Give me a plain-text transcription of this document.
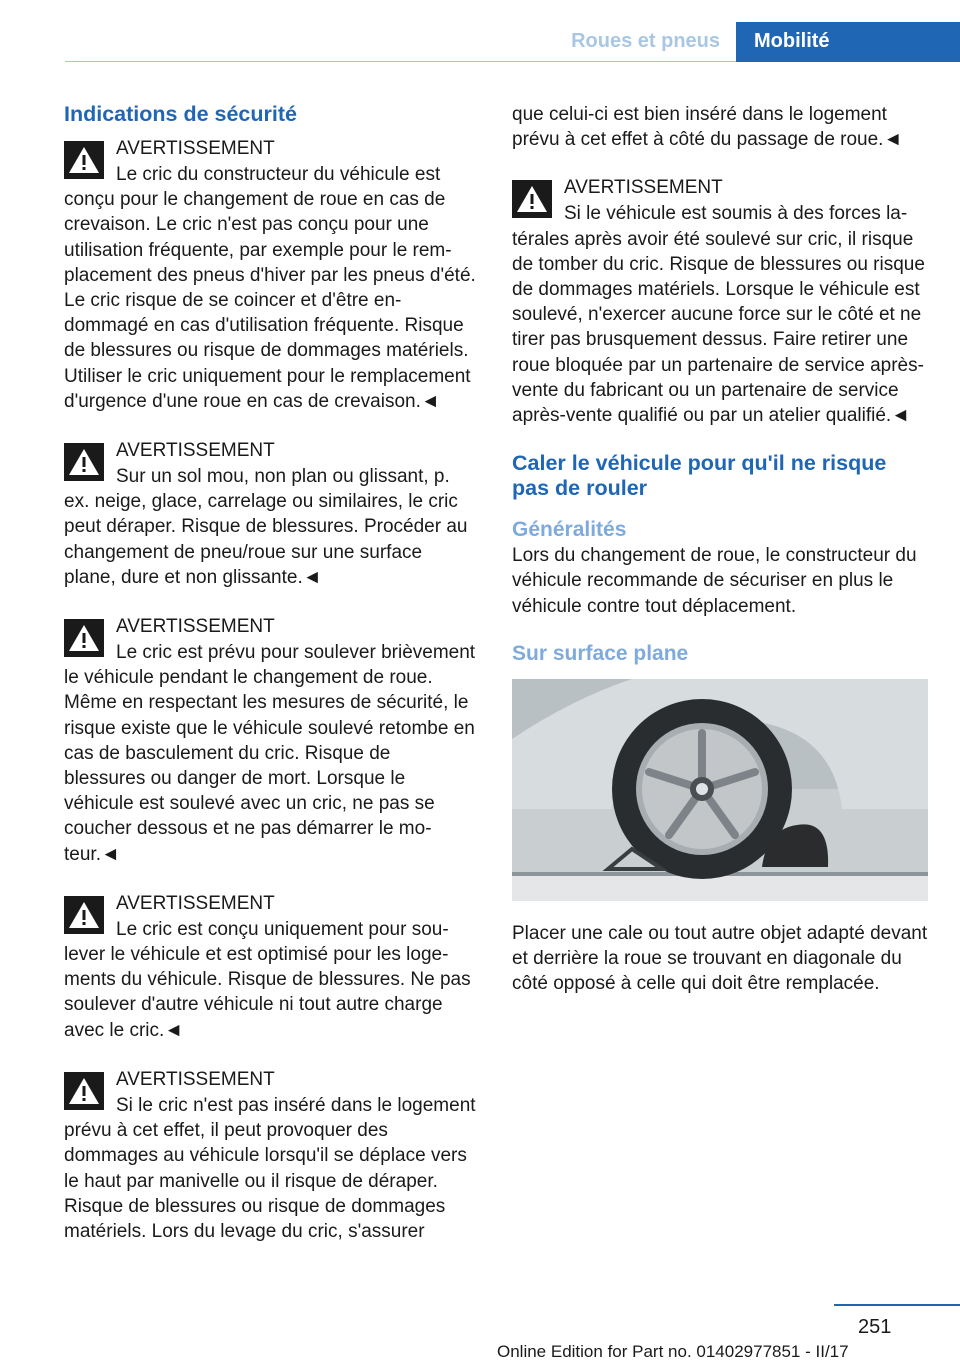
Roues et pneus	Mobilité
Indications de sécurité

AVERTISSEMENT

Le cric du constructeur du véhicule est conçu pour le changement de roue en cas de crevaison. Le cric n'est pas conçu pour une utilisation fréquente, par exemple pour le remplacement des pneus d'hiver par les pneus d'été. Le cric risque de se coincer et d'être endommagé en cas d'utilisation fréquente. Risque de blessures ou risque de dommages matériels. Utiliser le cric uniquement pour le remplacement d'urgence d'une roue en cas de crevaison.◄

AVERTISSEMENT

Sur un sol mou, non plan ou glissant, p. ex. neige, glace, carrelage ou similaires, le cric peut déraper. Risque de blessures. Procéder au changement de pneu/roue sur une surface plane, dure et non glissante.◄

AVERTISSEMENT

Le cric est prévu pour soulever brièvement le véhicule pendant le changement de roue. Même en respectant les mesures de sécurité, le risque existe que le véhicule soulevé retombe en cas de basculement du cric. Risque de blessures ou danger de mort. Lorsque le véhicule est soulevé avec un cric, ne pas se coucher dessous et ne pas démarrer le moteur.◄

AVERTISSEMENT

Le cric est conçu uniquement pour soulever le véhicule et est optimisé pour les logements du véhicule. Risque de blessures. Ne pas soulever d'autre véhicule ni tout autre charge avec le cric.◄

AVERTISSEMENT

Si le cric n'est pas inséré dans le logement prévu à cet effet, il peut provoquer des dommages au véhicule lorsqu'il se déplace vers le haut par manivelle ou il risque de déraper. Risque de blessures ou risque de dommages matériels. Lors du levage du cric, s'assurer

que celui-ci est bien inséré dans le logement prévu à cet effet à côté du passage de roue.◄

AVERTISSEMENT

Si le véhicule est soumis à des forces latérales après avoir été soulevé sur cric, il risque de tomber du cric. Risque de blessures ou risque de dommages matériels. Lorsque le véhicule est soulevé, n'exercer aucune force sur le côté et ne tirer pas brusquement dessus. Faire retirer une roue bloquée par un partenaire de service après-vente du fabricant ou un partenaire de service après-vente qualifié ou par un atelier qualifié.◄

Caler le véhicule pour qu'il ne risque pas de rouler
Généralités

Lors du changement de roue, le constructeur du véhicule recommande de sécuriser en plus le véhicule contre tout déplacement.

Sur surface plane

Placer une cale ou tout autre objet adapté devant et derrière la roue se trouvant en diagonale du côté opposé à celle qui doit être remplacée.

251
Online Edition for Part no. 01402977851 - II/17
